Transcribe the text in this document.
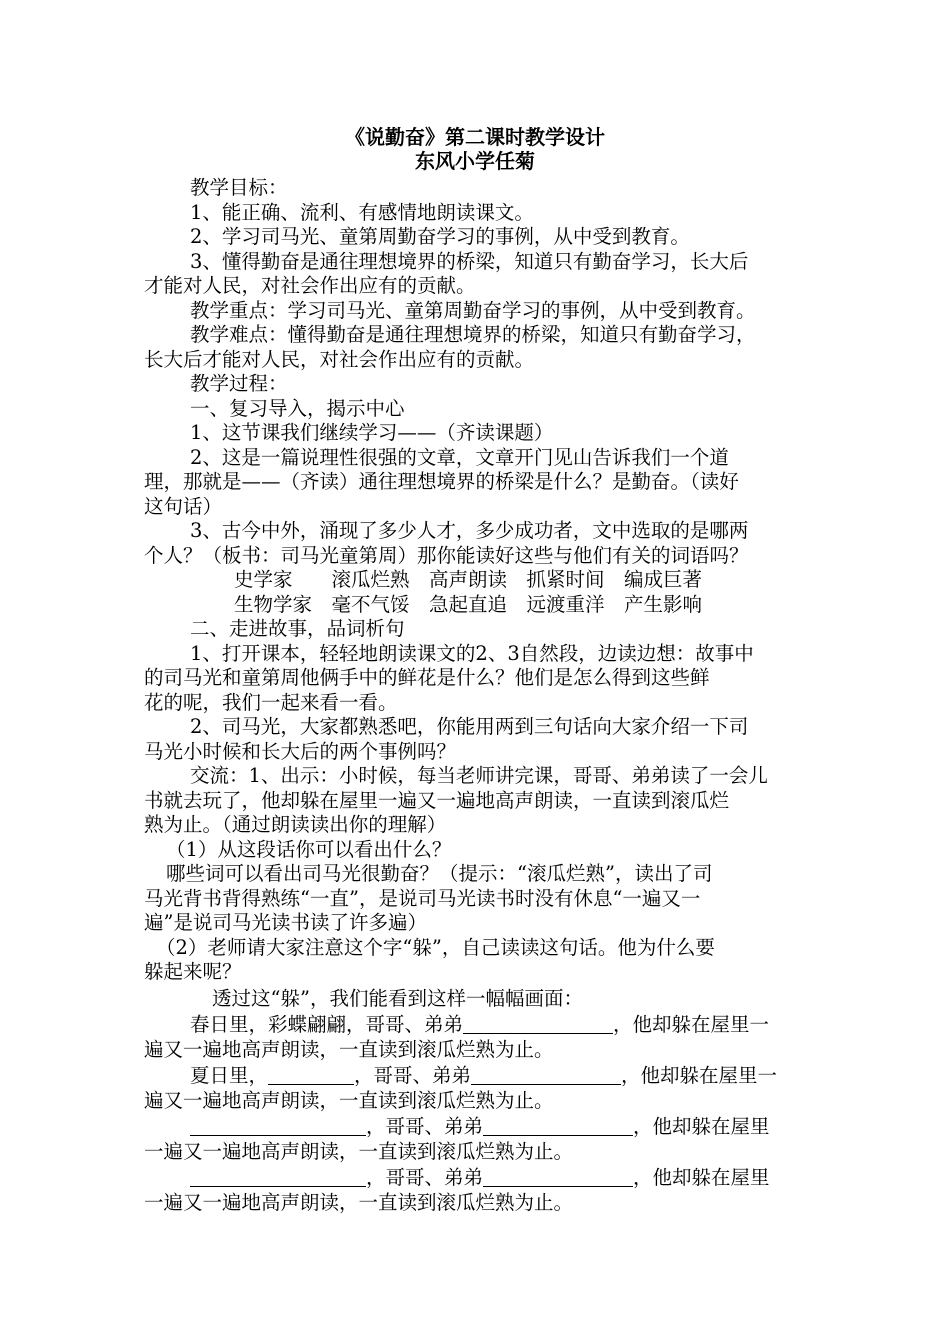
《说勤奋》第二课时教学设计
东风小学任菊
教学目标：
1、能正确、流利、有感情地朗读课文。
2、学习司马光、童第周勤奋学习的事例，从中受到教育。
3、懂得勤奋是通往理想境界的桥梁，知道只有勤奋学习，长大后
才能对人民，对社会作出应有的贡献。
教学重点：学习司马光、童第周勤奋学习的事例，从中受到教育。
教学难点：懂得勤奋是通往理想境界的桥梁，知道只有勤奋学习，
长大后才能对人民，对社会作出应有的贡献。
教学过程：
一、复习导入，揭示中心
1、这节课我们继续学习——（齐读课题）
2、这是一篇说理性很强的文章，文章开门见山告诉我们一个道
理，那就是——（齐读）通往理想境界的桥梁是什么？是勤奋。（读好
这句话）
3、古今中外，涌现了多少人才，多少成功者，文中选取的是哪两
个人？（板书：司马光童第周）那你能读好这些与他们有关的词语吗？
史学家　　滚瓜烂熟　高声朗读　抓紧时间　编成巨著
生物学家　毫不气馁　急起直追　远渡重洋　产生影响
二、走进故事，品词析句
1、打开课本，轻轻地朗读课文的2、3自然段，边读边想：故事中
的司马光和童第周他俩手中的鲜花是什么？他们是怎么得到这些鲜
花的呢，我们一起来看一看。
2、司马光，大家都熟悉吧，你能用两到三句话向大家介绍一下司
马光小时候和长大后的两个事例吗？
交流：1、出示：小时候，每当老师讲完课，哥哥、弟弟读了一会儿
书就去玩了，他却躲在屋里一遍又一遍地高声朗读，一直读到滚瓜烂
熟为止。（通过朗读读出你的理解）
（1）从这段话你可以看出什么？
哪些词可以看出司马光很勤奋？（提示：“滚瓜烂熟”，读出了司
马光背书背得熟练“一直”，是说司马光读书时没有休息“一遍又一
遍”是说司马光读书读了许多遍）
（2）老师请大家注意这个字“躲”，自己读读这句话。他为什么要
躲起来呢？
透过这“躲”，我们能看到这样一幅幅画面：
春日里，彩蝶翩翩，哥哥、弟弟	，他却躲在屋里一
遍又一遍地高声朗读，一直读到滚瓜烂熟为止。
夏日里，	，哥哥、弟弟	，他却躲在屋里一
遍又一遍地高声朗读，一直读到滚瓜烂熟为止。
，哥哥、弟弟	，他却躲在屋里
一遍又一遍地高声朗读，一直读到滚瓜烂熟为止。
，哥哥、弟弟	，他却躲在屋里
一遍又一遍地高声朗读，一直读到滚瓜烂熟为止。
